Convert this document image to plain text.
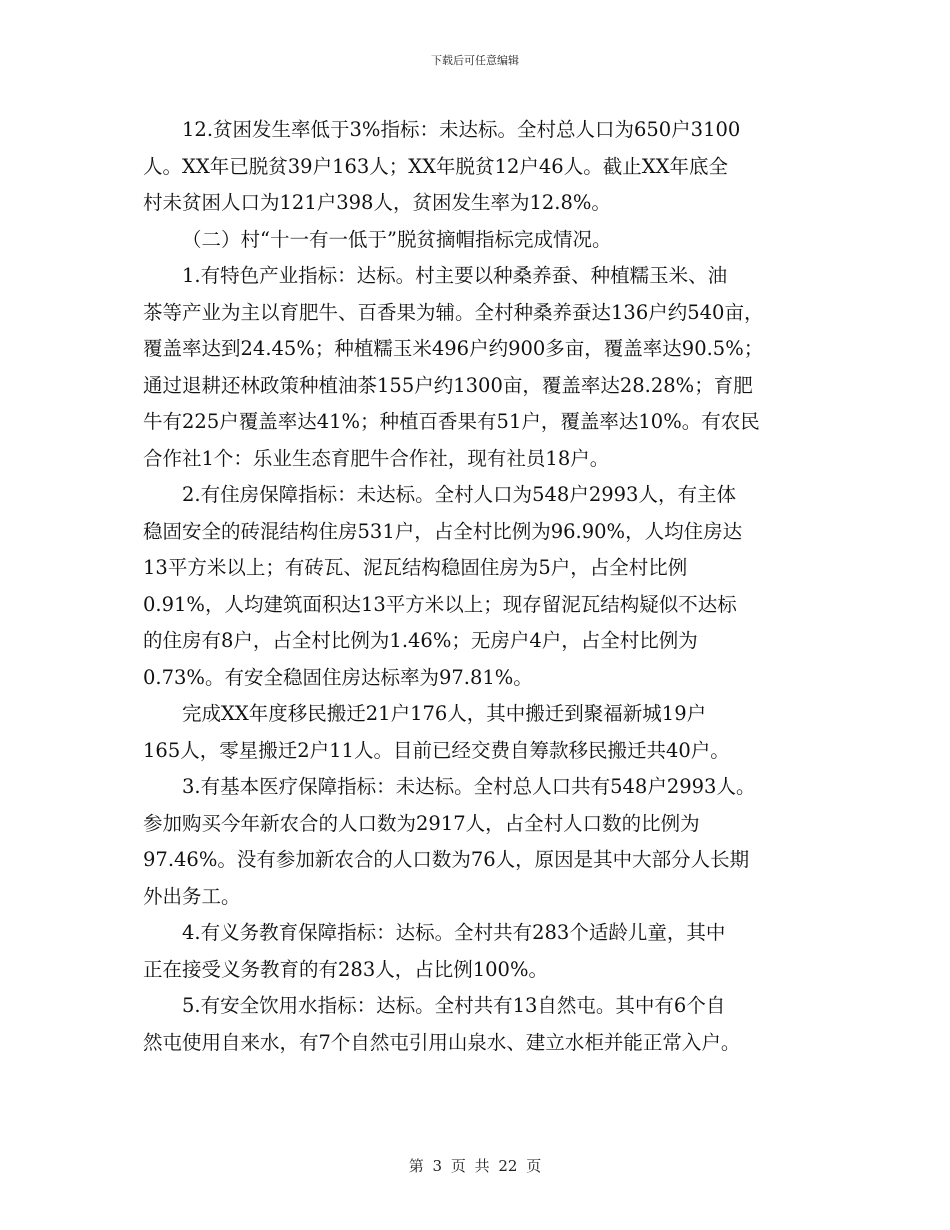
下载后可任意编辑
12.贫困发生率低于3%指标：未达标。全村总人口为650户3100
人。XX年已脱贫39户163人；XX年脱贫12户46人。截止XX年底全
村未贫困人口为121户398人，贫困发生率为12.8%。
（二）村“十一有一低于”脱贫摘帽指标完成情况。
1.有特色产业指标：达标。村主要以种桑养蚕、种植糯玉米、油
茶等产业为主以育肥牛、百香果为辅。全村种桑养蚕达136户约540亩，
覆盖率达到24.45%；种植糯玉米496户约900多亩，覆盖率达90.5%；
通过退耕还林政策种植油茶155户约1300亩，覆盖率达28.28%；育肥
牛有225户覆盖率达41%；种植百香果有51户，覆盖率达10%。有农民
合作社1个：乐业生态育肥牛合作社，现有社员18户。
2.有住房保障指标：未达标。全村人口为548户2993人，有主体
稳固安全的砖混结构住房531户，占全村比例为96.90%，人均住房达
13平方米以上；有砖瓦、泥瓦结构稳固住房为5户，占全村比例
0.91%，人均建筑面积达13平方米以上；现存留泥瓦结构疑似不达标
的住房有8户，占全村比例为1.46%；无房户4户，占全村比例为
0.73%。有安全稳固住房达标率为97.81%。
完成XX年度移民搬迁21户176人，其中搬迁到聚福新城19户
165人，零星搬迁2户11人。目前已经交费自筹款移民搬迁共40户。
3.有基本医疗保障指标：未达标。全村总人口共有548户2993人。
参加购买今年新农合的人口数为2917人，占全村人口数的比例为
97.46%。没有参加新农合的人口数为76人，原因是其中大部分人长期
外出务工。
4.有义务教育保障指标：达标。全村共有283个适龄儿童，其中
正在接受义务教育的有283人，占比例100%。
5.有安全饮用水指标：达标。全村共有13自然屯。其中有6个自
然屯使用自来水，有7个自然屯引用山泉水、建立水柜并能正常入户。
第 3 页 共 22 页
